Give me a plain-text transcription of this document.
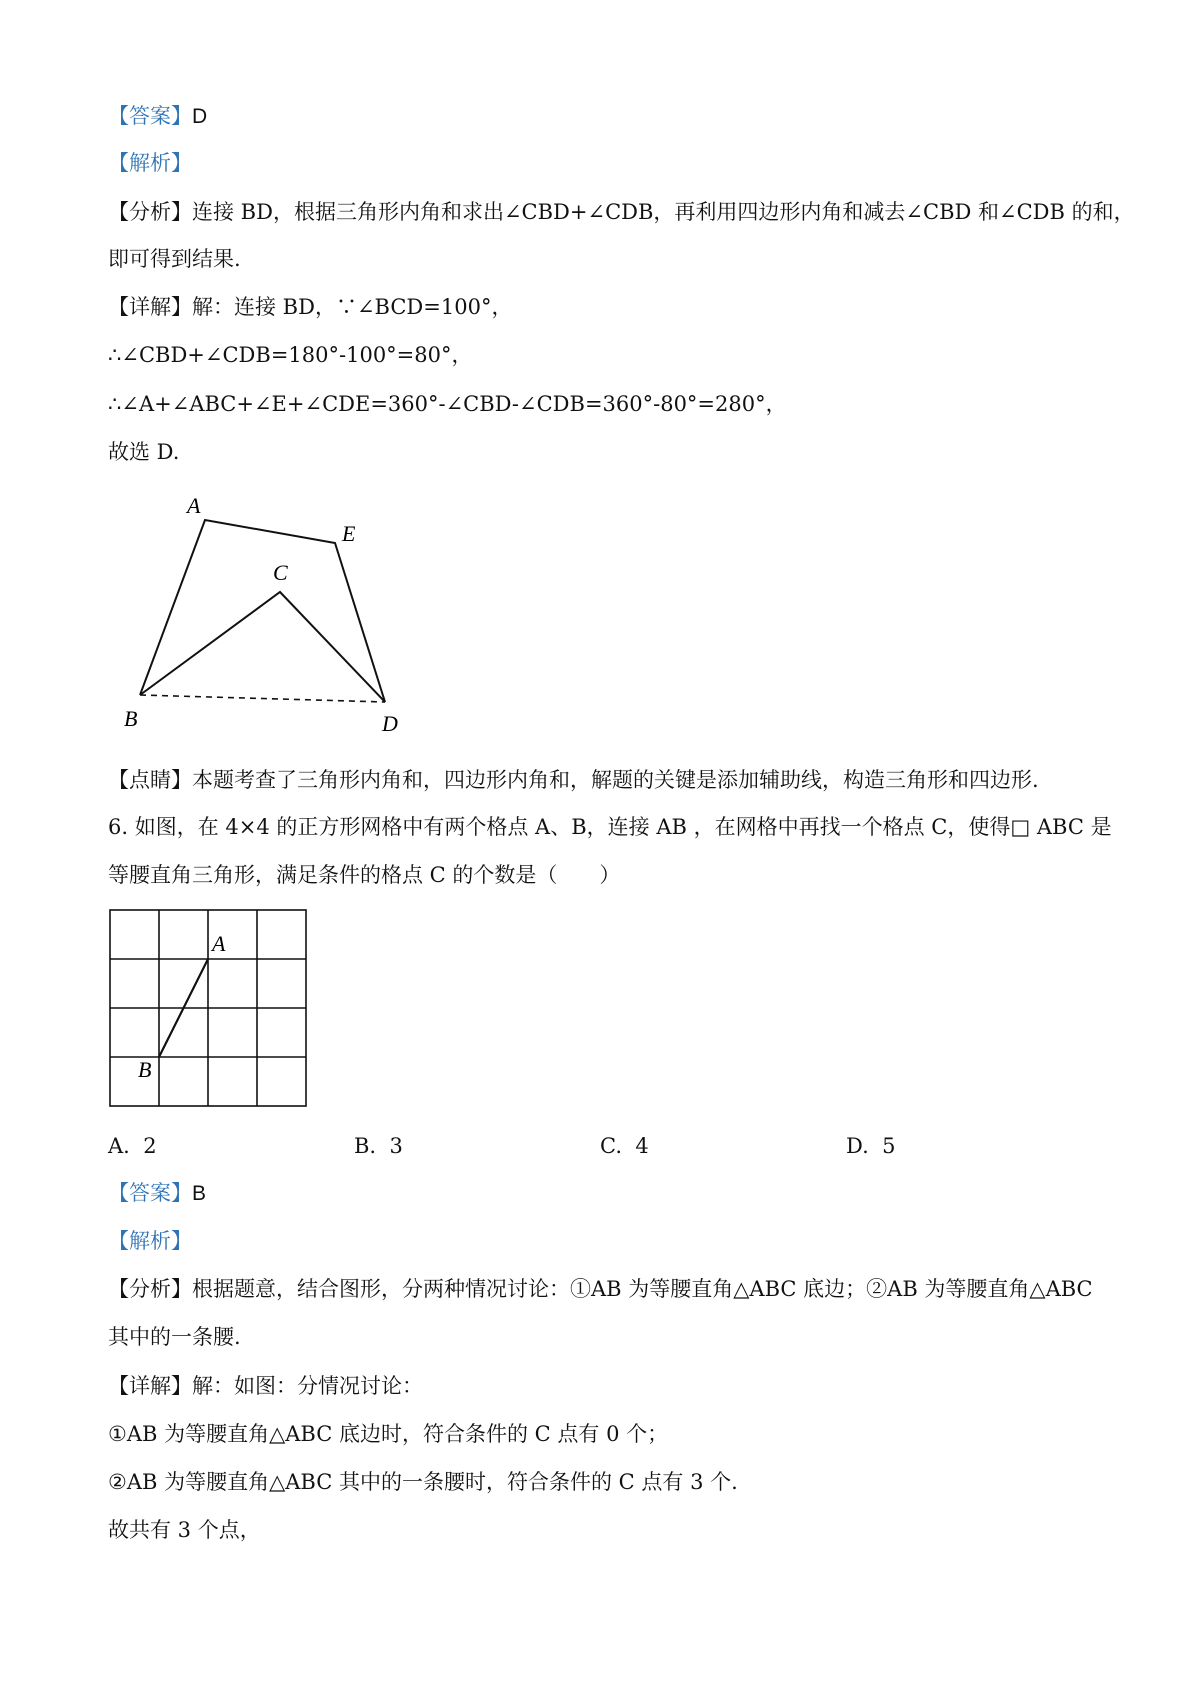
【答案】D
【解析】
【分析】连接 BD，根据三角形内角和求出∠CBD+∠CDB，再利用四边形内角和减去∠CBD 和∠CDB 的和，
即可得到结果.
【详解】解：连接 BD，∵∠BCD=100°，
∴∠CBD+∠CDB=180°-100°=80°，
∴∠A+∠ABC+∠E+∠CDE=360°-∠CBD-∠CDB=360°-80°=280°，
故选 D.
A
E
C
B	D
【点睛】本题考查了三角形内角和，四边形内角和，解题的关键是添加辅助线，构造三角形和四边形.
6. 如图，在 4×4 的正方形网格中有两个格点 A、B，连接 AB ，在网格中再找一个格点 C，使得□ ABC 是
等腰直角三角形，满足条件的格点 C 的个数是（　　）
A
B
A. 2	B. 3	C. 4	D. 5
【答案】B
【解析】
【分析】根据题意，结合图形，分两种情况讨论：①AB 为等腰直角△ABC 底边；②AB 为等腰直角△ABC
其中的一条腰.
【详解】解：如图：分情况讨论：
①AB 为等腰直角△ABC 底边时，符合条件的 C 点有 0 个；
②AB 为等腰直角△ABC 其中的一条腰时，符合条件的 C 点有 3 个.
故共有 3 个点，
